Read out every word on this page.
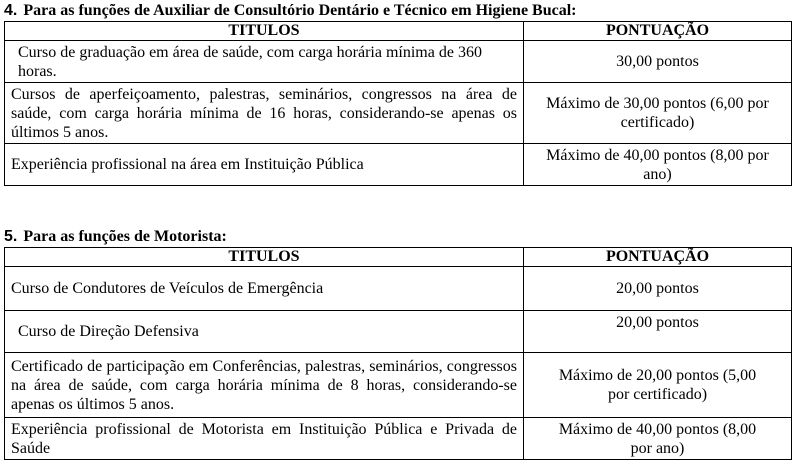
4. Para as funções de Auxiliar de Consultório Dentário e Técnico em Higiene Bucal:
TITULOS	PONTUAÇÃO
Curso de graduação em área de saúde, com carga horária mínima de 360 horas.	30,00 pontos
Cursos de aperfeiçoamento, palestras, seminários, congressos na área de saúde, com carga horária mínima de 16 horas, considerando-se apenas os últimos 5 anos.	Máximo de 30,00 pontos (6,00 por certificado)
Experiência profissional na área em Instituição Pública	Máximo de 40,00 pontos (8,00 por ano)
5. Para as funções de Motorista:
TITULOS	PONTUAÇÃO
Curso de Condutores de Veículos de Emergência	20,00 pontos
Curso de Direção Defensiva	20,00 pontos
Certificado de participação em Conferências, palestras, seminários, congressos na área de saúde, com carga horária mínima de 8 horas, considerando-se apenas os últimos 5 anos.	Máximo de 20,00 pontos (5,00 por certificado)
Experiência profissional de Motorista em Instituição Pública e Privada de Saúde	Máximo de 40,00 pontos (8,00 por ano)
